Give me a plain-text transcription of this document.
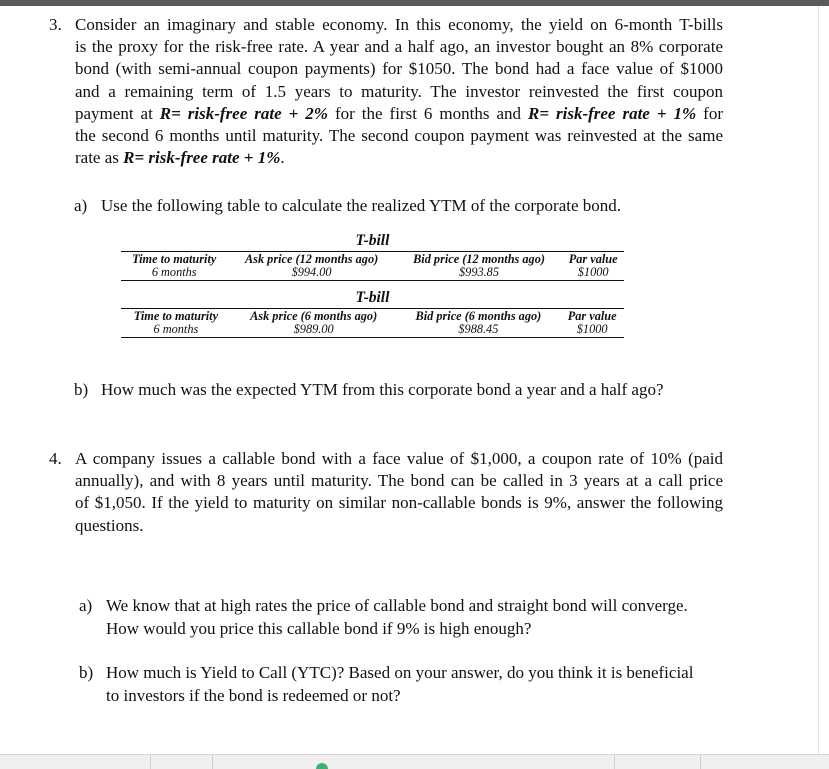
3. Consider an imaginary and stable economy. In this economy, the yield on 6-month T-bills
is the proxy for the risk-free rate. A year and a half ago, an investor bought an 8% corporate
bond (with semi-annual coupon payments) for $1050. The bond had a face value of $1000
and a remaining term of 1.5 years to maturity. The investor reinvested the first coupon
payment at R= risk-free rate + 2% for the first 6 months and R= risk-free rate + 1% for
the second 6 months until maturity. The second coupon payment was reinvested at the same
rate as R= risk-free rate + 1%.
a) Use the following table to calculate the realized YTM of the corporate bond.
T-bill			
Time to maturity	Ask price (12 months ago)	Bid price (12 months ago)	Par value
6 months	$994.00	$993.85	$1000
T-bill			
Time to maturity	Ask price (6 months ago)	Bid price (6 months ago)	Par value
6 months	$989.00	$988.45	$1000
b) How much was the expected YTM from this corporate bond a year and a half ago?
4. A company issues a callable bond with a face value of $1,000, a coupon rate of 10% (paid
annually), and with 8 years until maturity. The bond can be called in 3 years at a call price
of $1,050. If the yield to maturity on similar non-callable bonds is 9%, answer the following
questions.
a) We know that at high rates the price of callable bond and straight bond will converge.
How would you price this callable bond if 9% is high enough?
b) How much is Yield to Call (YTC)? Based on your answer, do you think it is beneficial
to investors if the bond is redeemed or not?
